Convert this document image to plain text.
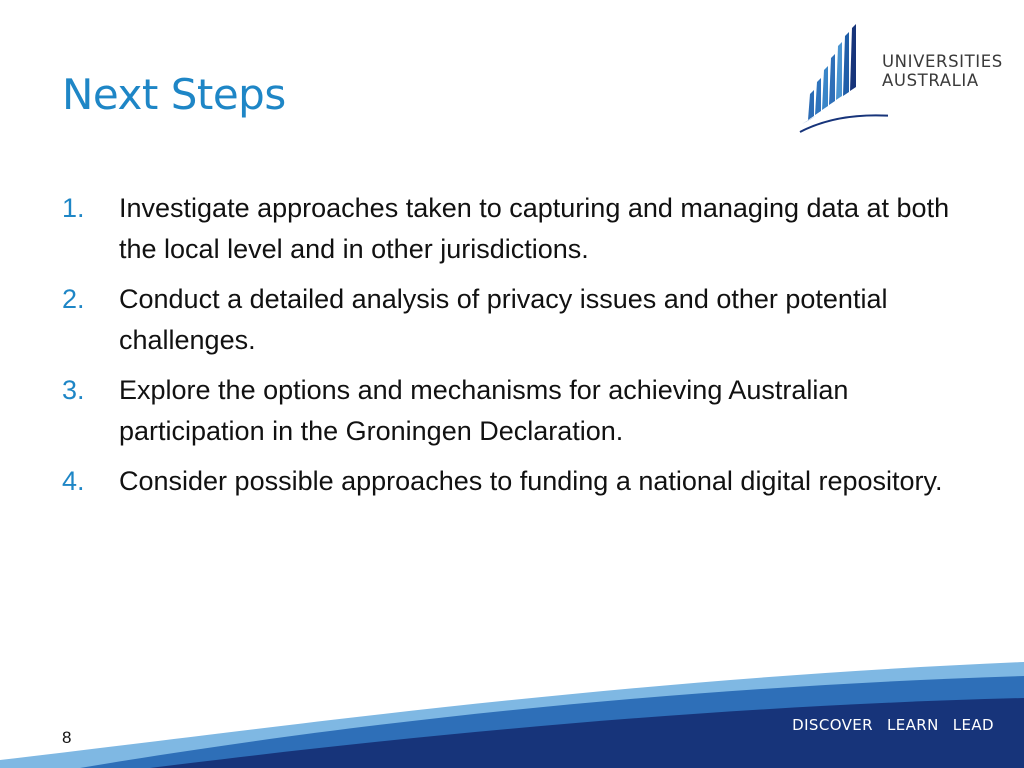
Next Steps
UNIVERSITIES
AUSTRALIA
1.	Investigate approaches taken to capturing and managing data at both the local level and in other jurisdictions.
2.	Conduct a detailed analysis of privacy issues and other potential challenges.
3.	Explore the options and mechanisms for achieving Australian participation in the Groningen Declaration.
4.	Consider possible approaches to funding a national digital repository.
DISCOVER LEARN LEAD
8
